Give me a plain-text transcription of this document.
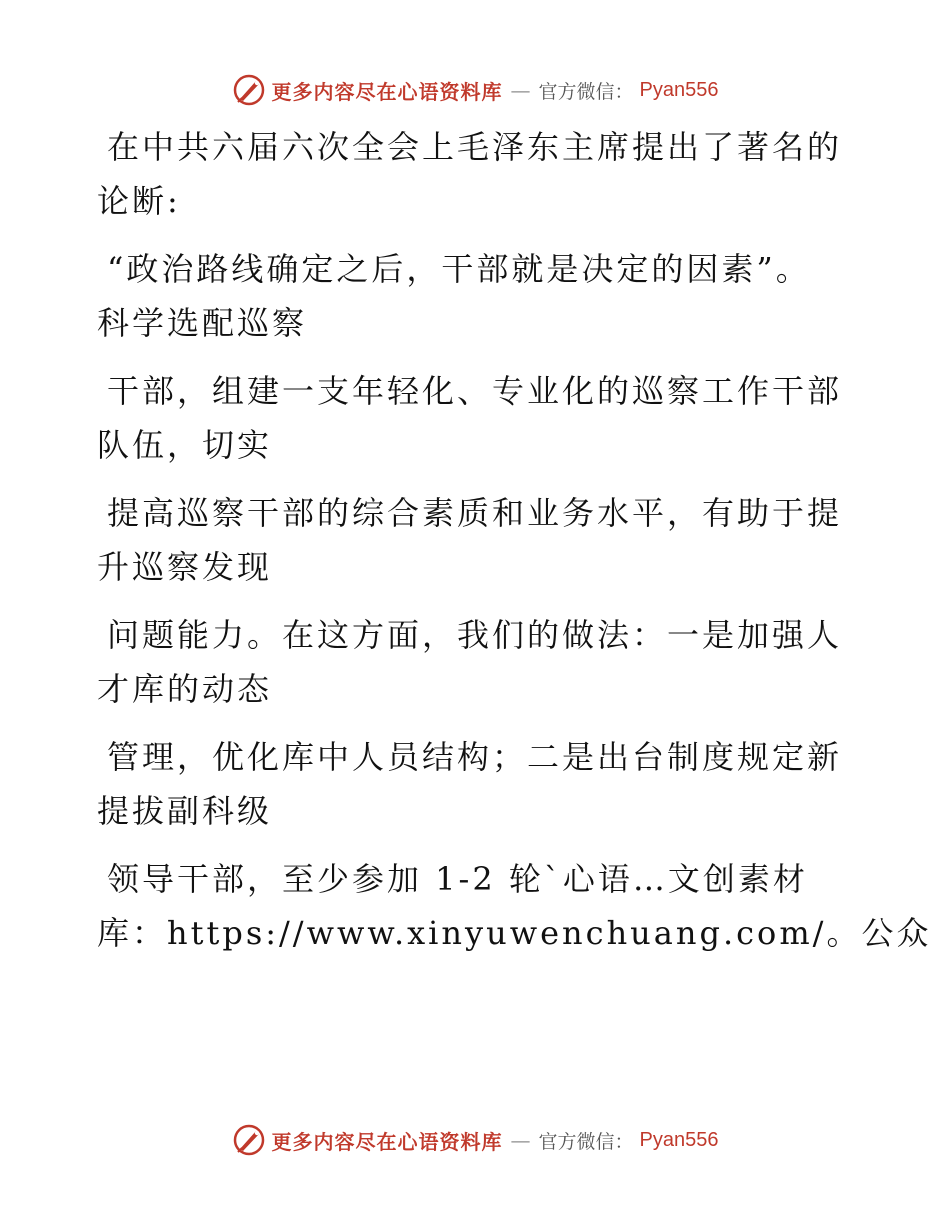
更多内容尽在心语资料库 — 官方微信： Pyan556
在中共六届六次全会上毛泽东主席提出了著名的
论断:
“政治路线确定之后，干部就是决定的因素”。
科学选配巡察
干部，组建一支年轻化、专业化的巡察工作干部
队伍，切实
提高巡察干部的综合素质和业务水平，有助于提
升巡察发现
问题能力。在这方面，我们的做法：一是加强人
才库的动态
管理，优化库中人员结构；二是出台制度规定新
提拔副科级
领导干部，至少参加 1-2 轮`心语…文创素材
库：https://www.xinyuwenchuang.com/。公众
更多内容尽在心语资料库 — 官方微信： Pyan556
